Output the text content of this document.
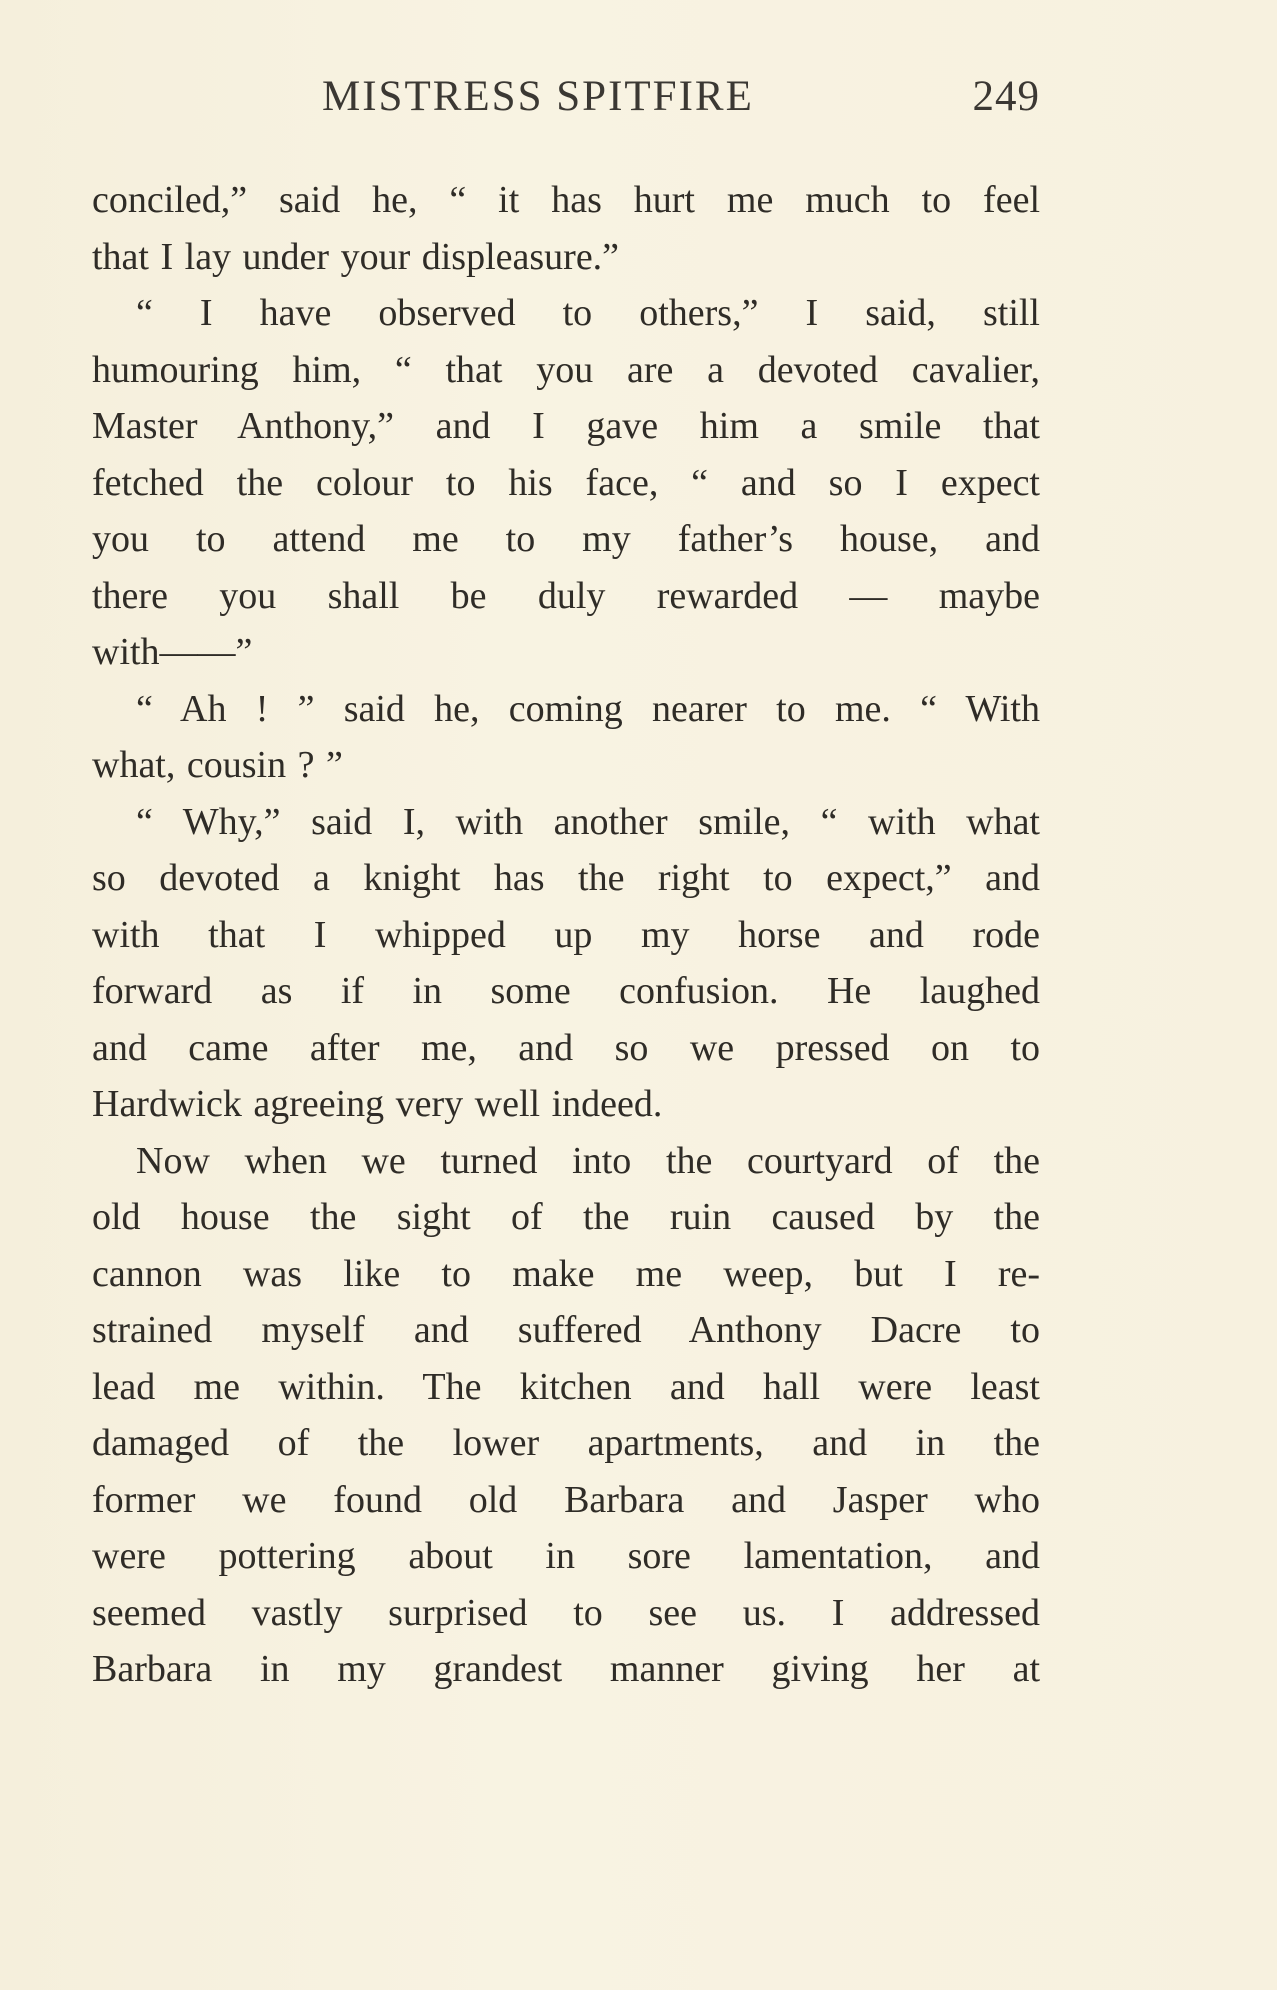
MISTRESS SPITFIRE	249
conciled,” said he, “ it has hurt me much to feel
that I lay under your displeasure.”
“ I have observed to others,” I said, still
humouring him, “ that you are a devoted cavalier,
Master Anthony,” and I gave him a smile that
fetched the colour to his face, “ and so I expect
you to attend me to my father’s house, and
there you shall be duly rewarded — maybe
with——”
“ Ah ! ” said he, coming nearer to me. “ With
what, cousin ? ”
“ Why,” said I, with another smile, “ with what
so devoted a knight has the right to expect,” and
with that I whipped up my horse and rode
forward as if in some confusion. He laughed
and came after me, and so we pressed on to
Hardwick agreeing very well indeed.
Now when we turned into the courtyard of the
old house the sight of the ruin caused by the
cannon was like to make me weep, but I re-
strained myself and suffered Anthony Dacre to
lead me within. The kitchen and hall were least
damaged of the lower apartments, and in the
former we found old Barbara and Jasper who
were pottering about in sore lamentation, and
seemed vastly surprised to see us. I addressed
Barbara in my grandest manner giving her at
